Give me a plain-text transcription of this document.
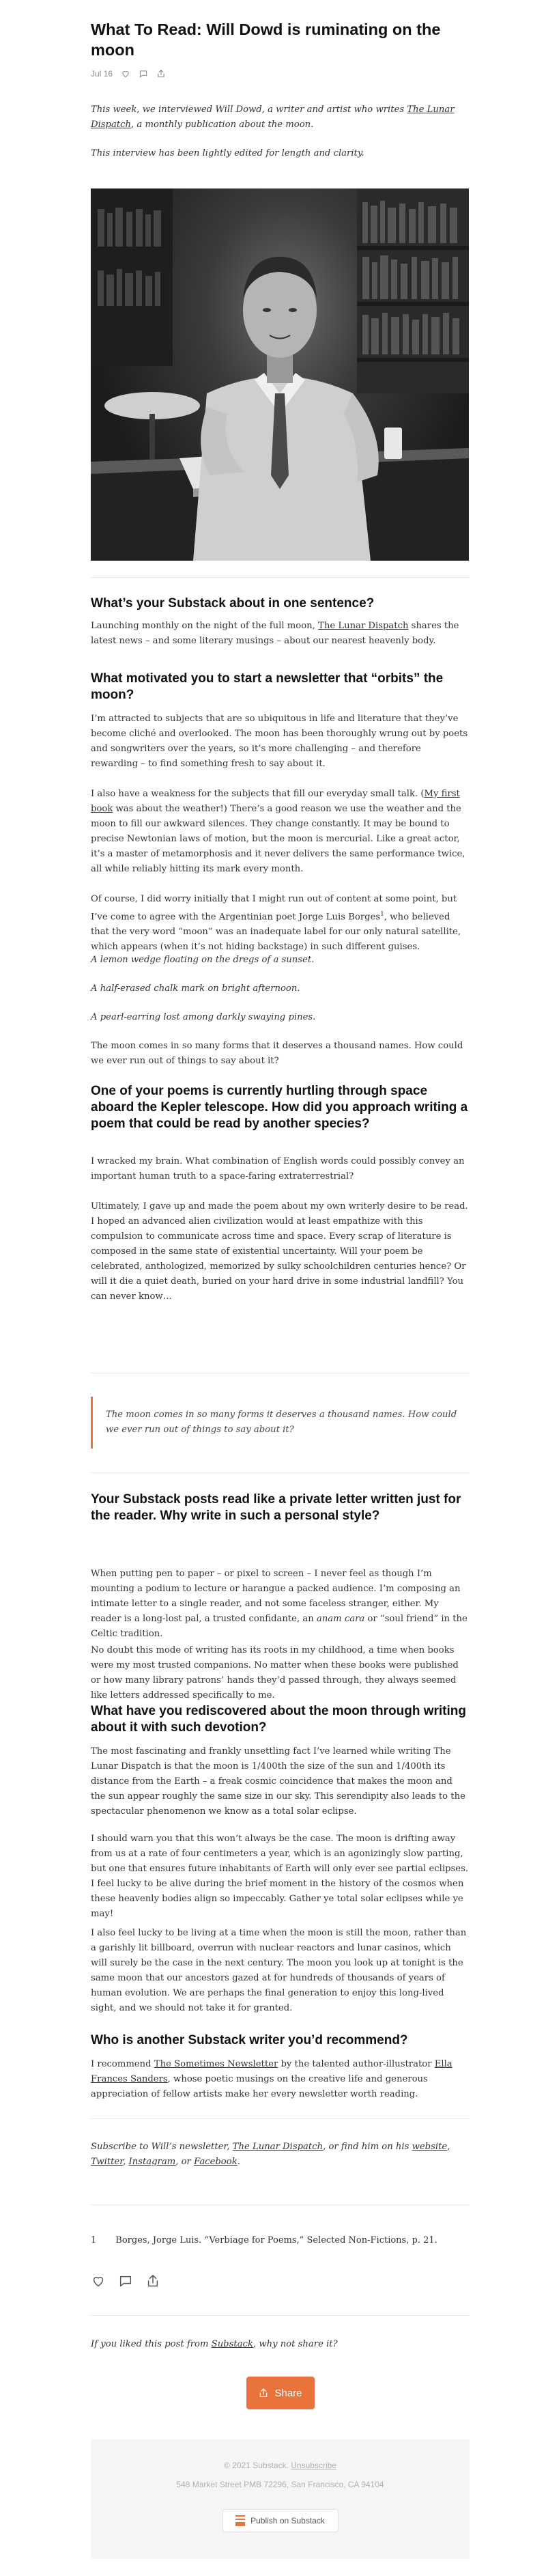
What To Read: Will Dowd is ruminating on the moon
Jul 16

This week, we interviewed Will Dowd, a writer and artist who writes The Lunar Dispatch, a monthly publication about the moon.

This interview has been lightly edited for length and clarity.

What’s your Substack about in one sentence?

Launching monthly on the night of the full moon, The Lunar Dispatch shares the latest news – and some literary musings – about our nearest heavenly body.

What motivated you to start a newsletter that “orbits” the moon?

I’m attracted to subjects that are so ubiquitous in life and literature that they’ve become cliché and overlooked. The moon has been thoroughly wrung out by poets and songwriters over the years, so it’s more challenging – and therefore rewarding – to find something fresh to say about it.

I also have a weakness for the subjects that fill our everyday small talk. (My first book was about the weather!) There’s a good reason we use the weather and the moon to fill our awkward silences. They change constantly. It may be bound to precise Newtonian laws of motion, but the moon is mercurial. Like a great actor, it’s a master of metamorphosis and it never delivers the same performance twice, all while reliably hitting its mark every month.

Of course, I did worry initially that I might run out of content at some point, but I’ve come to agree with the Argentinian poet Jorge Luis Borges$^1$, who believed that the very word “moon” was an inadequate label for our only natural satellite, which appears (when it’s not hiding backstage) in such different guises.

A lemon wedge floating on the dregs of a sunset.

A half-erased chalk mark on bright afternoon.

A pearl-earring lost among darkly swaying pines.

The moon comes in so many forms that it deserves a thousand names. How could we ever run out of things to say about it?

One of your poems is currently hurtling through space aboard the Kepler telescope. How did you approach writing a poem that could be read by another species?

I wracked my brain. What combination of English words could possibly convey an important human truth to a space-faring extraterrestrial?

Ultimately, I gave up and made the poem about my own writerly desire to be read. I hoped an advanced alien civilization would at least empathize with this compulsion to communicate across time and space. Every scrap of literature is composed in the same state of existential uncertainty. Will your poem be celebrated, anthologized, memorized by sulky schoolchildren centuries hence? Or will it die a quiet death, buried on your hard drive in some industrial landfill? You can never know…

The moon comes in so many forms it deserves a thousand names. How could we ever run out of things to say about it?

Your Substack posts read like a private letter written just for the reader. Why write in such a personal style?

When putting pen to paper – or pixel to screen – I never feel as though I’m mounting a podium to lecture or harangue a packed audience. I’m composing an intimate letter to a single reader, and not some faceless stranger, either. My reader is a long-lost pal, a trusted confidante, an anam cara or “soul friend” in the Celtic tradition.

No doubt this mode of writing has its roots in my childhood, a time when books were my most trusted companions. No matter when these books were published or how many library patrons’ hands they’d passed through, they always seemed like letters addressed specifically to me.

What have you rediscovered about the moon through writing about it with such devotion?

The most fascinating and frankly unsettling fact I’ve learned while writing The Lunar Dispatch is that the moon is 1/400th the size of the sun and 1/400th its distance from the Earth – a freak cosmic coincidence that makes the moon and the sun appear roughly the same size in our sky. This serendipity also leads to the spectacular phenomenon we know as a total solar eclipse.

I should warn you that this won’t always be the case. The moon is drifting away from us at a rate of four centimeters a year, which is an agonizingly slow parting, but one that ensures future inhabitants of Earth will only ever see partial eclipses. I feel lucky to be alive during the brief moment in the history of the cosmos when these heavenly bodies align so impeccably. Gather ye total solar eclipses while ye may!

I also feel lucky to be living at a time when the moon is still the moon, rather than a garishly lit billboard, overrun with nuclear reactors and lunar casinos, which will surely be the case in the next century. The moon you look up at tonight is the same moon that our ancestors gazed at for hundreds of thousands of years of human evolution. We are perhaps the final generation to enjoy this long-lived sight, and we should not take it for granted.

Who is another Substack writer you’d recommend?

I recommend The Sometimes Newsletter by the talented author-illustrator Ella Frances Sanders, whose poetic musings on the creative life and generous appreciation of fellow artists make her every newsletter worth reading.

Subscribe to Will’s newsletter, The Lunar Dispatch, or find him on his website, Twitter, Instagram, or Facebook.

1 Borges, Jorge Luis. “Verbiage for Poems,” Selected Non-Fictions, p. 21.

If you liked this post from Substack, why not share it?

Share
© 2021 Substack. Unsubscribe
548 Market Street PMB 72296, San Francisco, CA 94104
Publish on Substack
